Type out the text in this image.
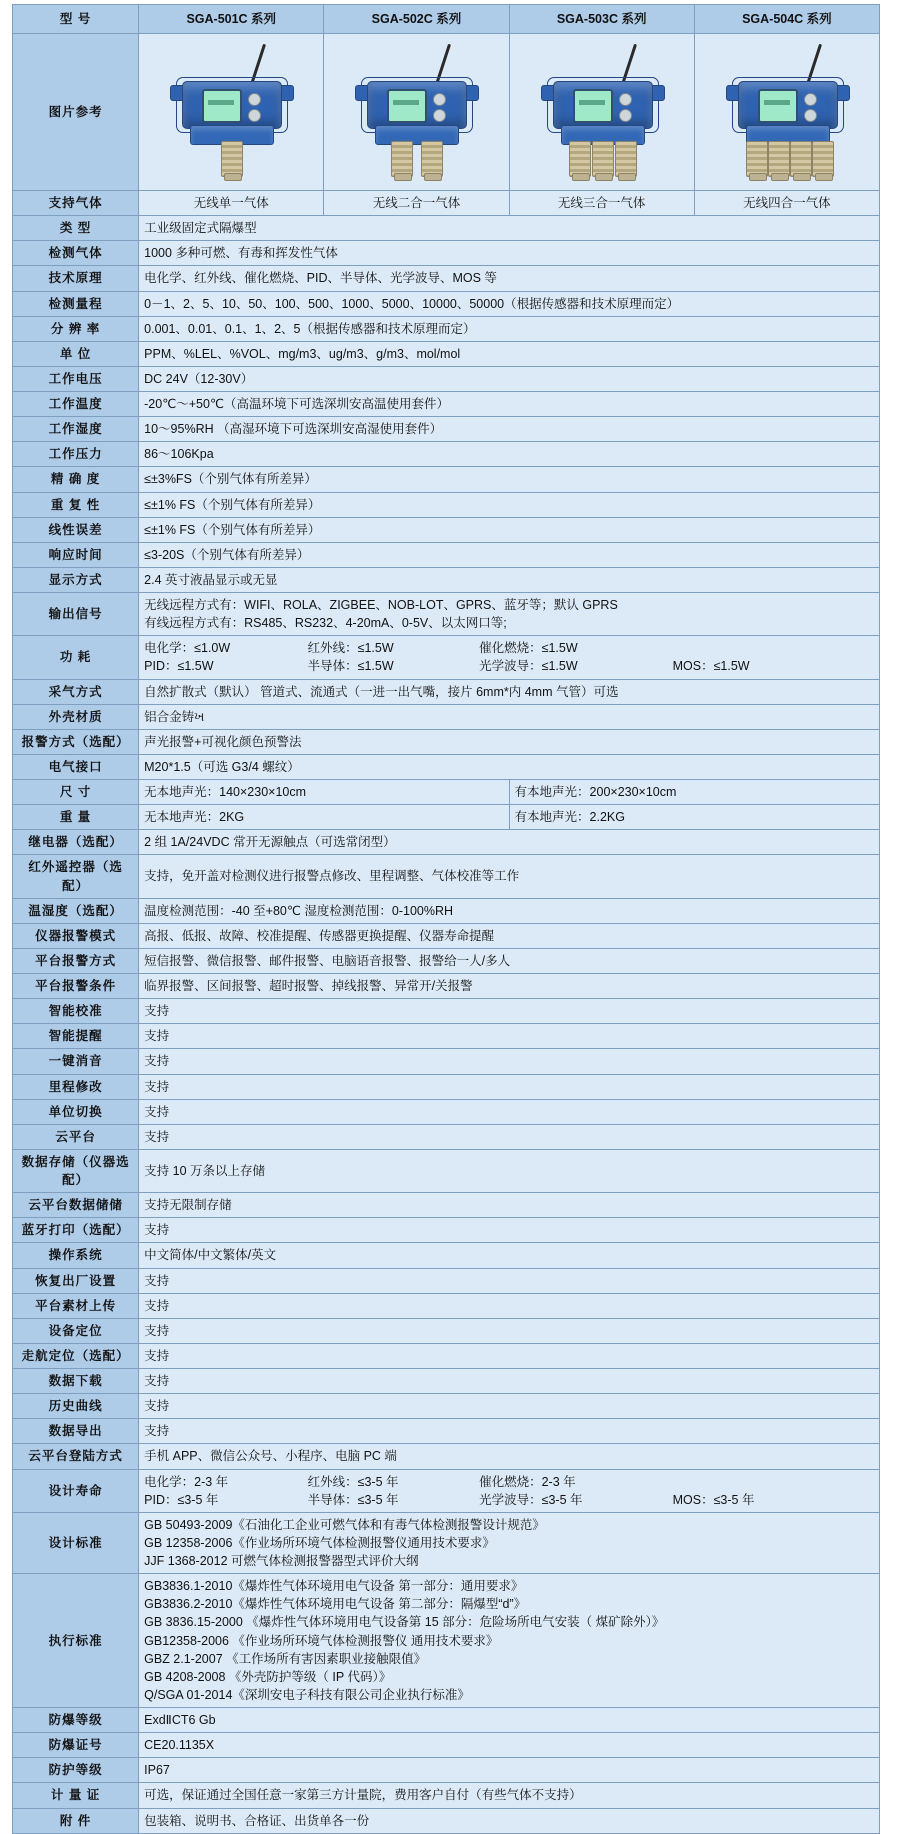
型 号	SGA-501C 系列	SGA-502C 系列	SGA-503C 系列	SGA-504C 系列
图片参考	

支持气体	无线单一气体	无线二合一气体	无线三合一气体	无线四合一气体
类 型	工业级固定式隔爆型			
检测气体	1000 多种可燃、有毒和挥发性气体			
技术原理	电化学、红外线、催化燃烧、PID、半导体、光学波导、MOS 等			
检测量程	0－1、2、5、10、50、100、500、1000、5000、10000、50000（根据传感器和技术原理而定）			
分 辨 率	0.001、0.01、0.1、1、2、5（根据传感器和技术原理而定）			
单 位	PPM、%LEL、%VOL、mg/m3、ug/m3、g/m3、mol/mol			
工作电压	DC 24V（12-30V）			
工作温度	-20℃～+50℃（高温环境下可选深圳安高温使用套件）			
工作湿度	10～95%RH （高湿环境下可选深圳安高湿使用套件）			
工作压力	86～106Kpa			
精 确 度	≤±3%FS（个别气体有所差异）			
重 复 性	≤±1% FS（个别气体有所差异）			
线性误差	≤±1% FS（个别气体有所差异）			
响应时间	≤3-20S（个别气体有所差异）			
显示方式	2.4 英寸液晶显示或无显			
输出信号	无线远程方式有：WIFI、ROLA、ZIGBEE、NOB-LOT、GPRS、蓝牙等；默认 GPRS
有线远程方式有：RS485、RS232、4-20mA、0-5V、以太网口等;			

功 耗	电化学：≤1.0W 红外线：≤1.5W 催化燃烧：≤1.5W
PID：≤1.5W 半导体：≤1.5W 光学波导：≤1.5W MOS：≤1.5W			

采气方式	自然扩散式（默认） 管道式、流通式（一进一出气嘴，接片 6mm*内 4mm 气管）可选			
外壳材质	铝合金铸ખ			
报警方式（选配）	声光报警+可视化颜色预警法			
电气接口	M20*1.5（可选 G3/4 螺纹）			
尺 寸	无本地声光：140×230×10cm		有本地声光：200×230×10cm	
重 量	无本地声光：2KG		有本地声光：2.2KG	
继电器（选配）	2 组 1A/24VDC 常开无源触点（可选常闭型）			
红外遥控器（选配）	支持，免开盖对检测仪进行报警点修改、里程调整、气体校准等工作			
温湿度（选配）	温度检测范围：-40 至+80℃ 湿度检测范围：0-100%RH			
仪器报警模式	高报、低报、故障、校准提醒、传感器更换提醒、仪器寿命提醒			
平台报警方式	短信报警、微信报警、邮件报警、电脑语音报警、报警给一人/多人			
平台报警条件	临界报警、区间报警、超时报警、掉线报警、异常开/关报警			
智能校准	支持			
智能提醒	支持			
一键消音	支持			
里程修改	支持			
单位切换	支持			
云平台	支持			
数据存储（仪器选配）	支持 10 万条以上存储			
云平台数据储储	支持无限制存储			
蓝牙打印（选配）	支持			
操作系统	中文简体/中文繁体/英文			
恢复出厂设置	支持			
平台素材上传	支持			
设备定位	支持			
走航定位（选配）	支持			
数据下载	支持			
历史曲线	支持			
数据导出	支持			
云平台登陆方式	手机 APP、微信公众号、小程序、电脑 PC 端			
设计寿命	电化学：2-3 年 红外线：≤3-5 年 催化燃烧：2-3 年
PID：≤3-5 年 半导体：≤3-5 年 光学波导：≤3-5 年 MOS：≤3-5 年			

设计标准	GB 50493-2009《石油化工企业可燃气体和有毒气体检测报警设计规范》
GB 12358-2006《作业场所环境气体检测报警仪通用技术要求》
JJF 1368-2012 可燃气体检测报警器型式评价大纲			

执行标准	
GB3836.1-2010《爆炸性气体环境用电气设备 第一部分：通用要求》
GB3836.2-2010《爆炸性气体环境用电气设备 第二部分：隔爆型“d”》
GB 3836.15-2000 《爆炸性气体环境用电气设备第 15 部分：危险场所电气安装（ 煤矿除外）》
GB12358-2006 《作业场所环境气体检测报警仪 通用技术要求》
GBZ 2.1-2007 《工作场所有害因素职业接触限值》
GB 4208-2008 《外壳防护等级（ IP 代码）》
Q/SGA 01-2014《深圳安电子科技有限公司企业执行标准》

防爆等级	ExdⅡCT6 Gb			
防爆证号	CE20.1135X			
防护等级	IP67			
计 量 证	可选，保证通过全国任意一家第三方计量院，费用客户自付（有些气体不支持）			
附 件	包装箱、说明书、合格证、出货单各一份			
